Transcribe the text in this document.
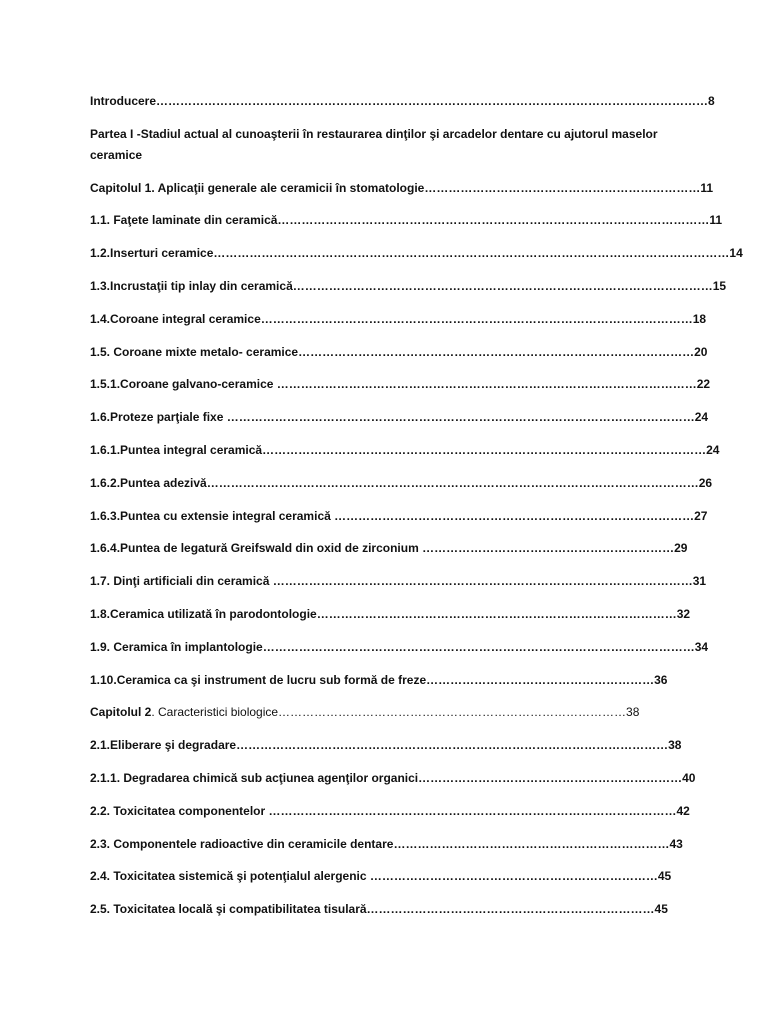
Introducere…………………………………………………………………………………………………………………………8
Partea I -Stadiul actual al cunoaşterii în restaurarea dinţilor şi arcadelor dentare cu ajutorul maselor ceramice
Capitolul 1. Aplicaţii generale ale ceramicii în stomatologie……………………………………………………………11
1.1. Faţete laminate din ceramică………………………………………………………………………………………………11
1.2.Inserturi ceramice…………………………………………………………………………………………………………………14
1.3.Incrustaţii tip inlay din ceramică……………………………………………………………………………………………15
1.4.Coroane integral ceramice………………………………………………………………………………………………18
1.5. Coroane mixte metalo- ceramice………………………………………………………………………………………20
1.5.1.Coroane galvano-ceramice ……………………………………………………………………………………………22
1.6.Proteze parţiale fixe ………………………………………………………………………………………………………24
1.6.1.Puntea integral ceramică…………………………………………………………………………………………………24
1.6.2.Puntea adezivă……………………………………………………………………………………………………………26
1.6.3.Puntea cu extensie integral ceramică ………………………………………………………………………………27
1.6.4.Puntea de legatură Greifswald din oxid de zirconium ………………………………………………………29
1.7. Dinţi artificiali din ceramică ……………………………………………………………………………………………31
1.8.Ceramica utilizată în parodontologie………………………………………………………………………………32
1.9. Ceramica în implantologie………………………………………………………………………………………………34
1.10.Ceramica ca şi instrument de lucru sub formă de freze…………………………………………………36
Capitolul 2. Caracteristici biologice……………………………………………………………………………38
2.1.Eliberare şi degradare………………………………………………………………………………………………38
2.1.1. Degradarea chimică sub acţiunea agenţilor organici…………………………………………………………40
2.2. Toxicitatea componentelor …………………………………………………………………………………………42
2.3. Componentele radioactive din ceramicile dentare……………………………………………………………43
2.4. Toxicitatea sistemică şi potenţialul alergenic ………………………………………………………………45
2.5. Toxicitatea locală şi compatibilitatea tisulară………………………………………………………………45
